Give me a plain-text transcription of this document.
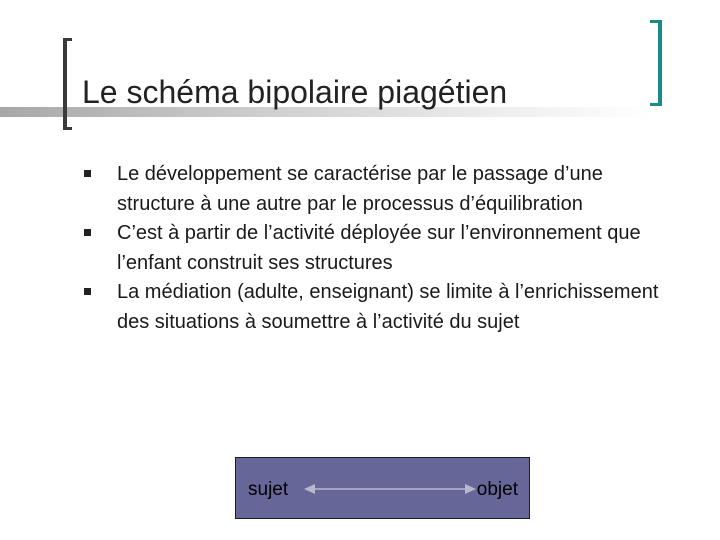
Le schéma bipolaire piagétien
Le développement se caractérise par le passage d’une structure à une autre par le processus d’équilibration
C’est à partir de l’activité déployée sur l’environnement que l’enfant construit ses structures
La médiation (adulte, enseignant) se limite à l’enrichissement des situations à soumettre à l’activité du sujet
sujet	objet
